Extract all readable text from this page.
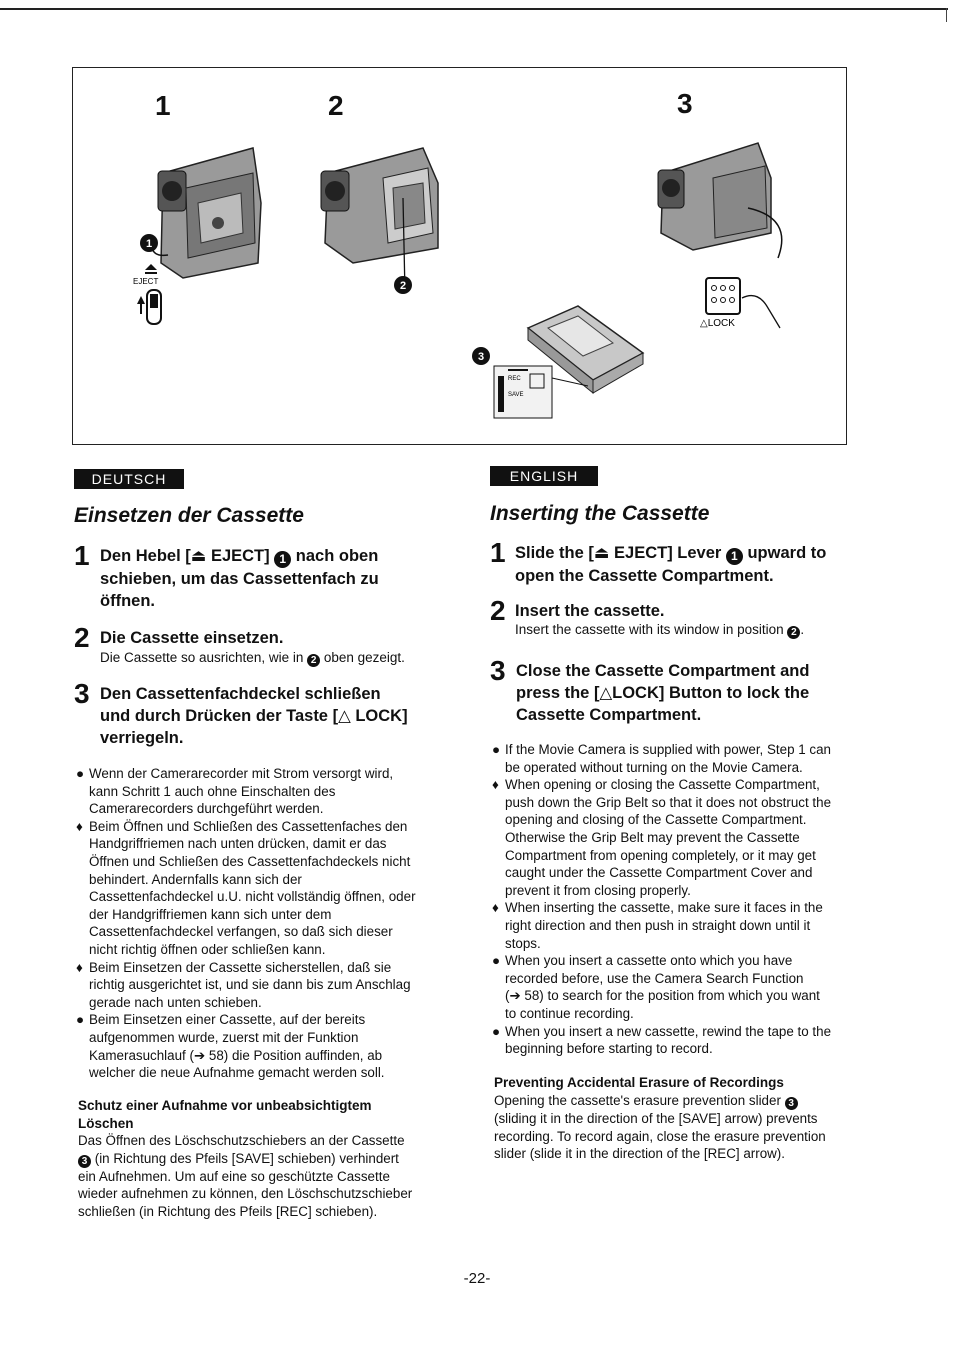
1	2	3
1
EJECT	2
△LOCK
3
REC
SAVE
DEUTSCH
Einsetzen der Cassette
1 Den Hebel [⏏ EJECT] 1 nach oben
schieben, um das Cassettenfach zu
öffnen.
2 Die Cassette einsetzen.
Die Cassette so ausrichten, wie in 2 oben gezeigt.
3 Den Cassettenfachdeckel schließen
und durch Drücken der Taste [△ LOCK]
verriegeln.
● Wenn der Camerarecorder mit Strom versorgt wird,
kann Schritt 1 auch ohne Einschalten des
Camerarecorders durchgeführt werden.
♦ Beim Öffnen und Schließen des Cassettenfaches den
Handgriffriemen nach unten drücken, damit er das
Öffnen und Schließen des Cassettenfachdeckels nicht
behindert. Andernfalls kann sich der
Cassettenfachdeckel u.U. nicht vollständig öffnen, oder
der Handgriffriemen kann sich unter dem
Cassettenfachdeckel verfangen, so daß sich dieser
nicht richtig öffnen oder schließen kann.
♦ Beim Einsetzen der Cassette sicherstellen, daß sie
richtig ausgerichtet ist, und sie dann bis zum Anschlag
gerade nach unten schieben.
● Beim Einsetzen einer Cassette, auf der bereits
aufgenommen wurde, zuerst mit der Funktion
Kamerasuchlauf (➔ 58) die Position auffinden, ab
welcher die neue Aufnahme gemacht werden soll.
Schutz einer Aufnahme vor unbeabsichtigtem
Löschen
Das Öffnen des Löschschutzschiebers an der Cassette
3 (in Richtung des Pfeils [SAVE] schieben) verhindert
ein Aufnehmen. Um auf eine so geschützte Cassette
wieder aufnehmen zu können, den Löschschutzschieber
schließen (in Richtung des Pfeils [REC] schieben).
ENGLISH
Inserting the Cassette
1 Slide the [⏏ EJECT] Lever 1 upward to
open the Cassette Compartment.
2 Insert the cassette.
Insert the cassette with its window in position 2 .
3 Close the Cassette Compartment and
press the [△LOCK] Button to lock the
Cassette Compartment.
● If the Movie Camera is supplied with power, Step 1 can
be operated without turning on the Movie Camera.
♦ When opening or closing the Cassette Compartment,
push down the Grip Belt so that it does not obstruct the
opening and closing of the Cassette Compartment.
Otherwise the Grip Belt may prevent the Cassette
Compartment from opening completely, or it may get
caught under the Cassette Compartment Cover and
prevent it from closing properly.
♦ When inserting the cassette, make sure it faces in the
right direction and then push in straight down until it
stops.
● When you insert a cassette onto which you have
recorded before, use the Camera Search Function
(➔ 58) to search for the position from which you want
to continue recording.
● When you insert a new cassette, rewind the tape to the
beginning before starting to record.
Preventing Accidental Erasure of Recordings
Opening the cassette's erasure prevention slider 3
(sliding it in the direction of the [SAVE] arrow) prevents
recording. To record again, close the erasure prevention
slider (slide it in the direction of the [REC] arrow).
-22-
